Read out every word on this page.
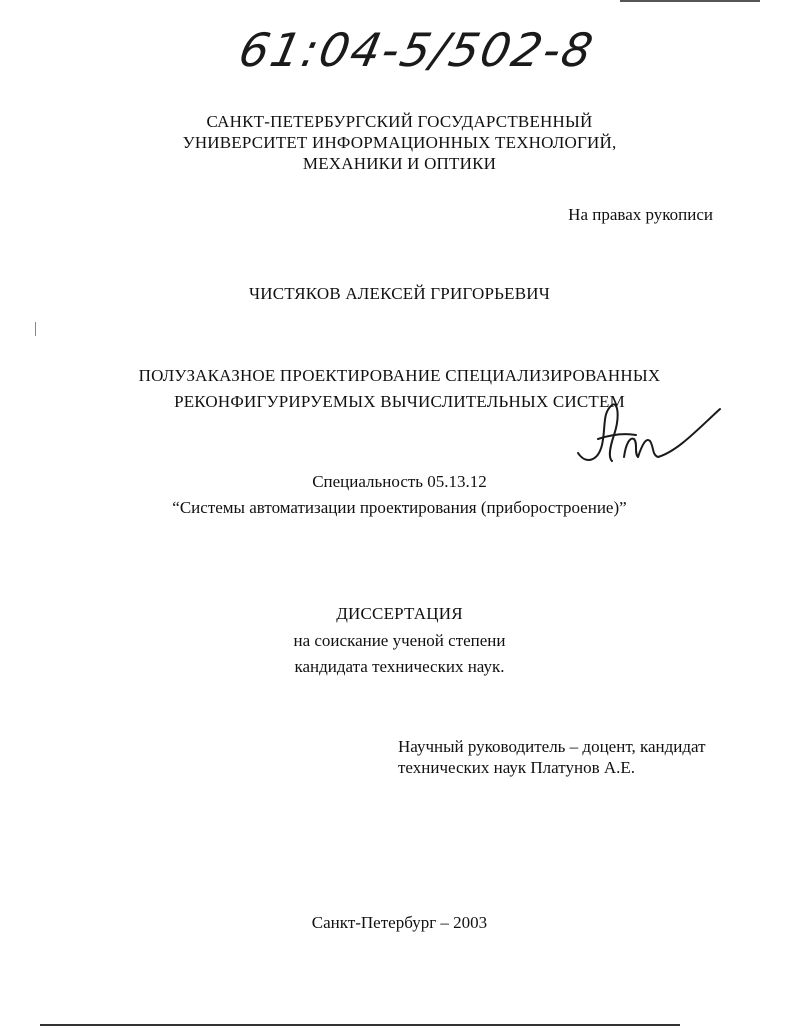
61:04-5/502-8
САНКТ-ПЕТЕРБУРГСКИЙ ГОСУДАРСТВЕННЫЙ
УНИВЕРСИТЕТ ИНФОРМАЦИОННЫХ ТЕХНОЛОГИЙ,
МЕХАНИКИ И ОПТИКИ
На правах рукописи
ЧИСТЯКОВ АЛЕКСЕЙ ГРИГОРЬЕВИЧ
ПОЛУЗАКАЗНОЕ ПРОЕКТИРОВАНИЕ СПЕЦИАЛИЗИРОВАННЫХ
РЕКОНФИГУРИРУЕМЫХ ВЫЧИСЛИТЕЛЬНЫХ СИСТЕМ
Специальность 05.13.12
“Системы автоматизации проектирования (приборостроение)”
ДИССЕРТАЦИЯ
на соискание ученой степени
кандидата технических наук.
Научный руководитель – доцент, кандидат
технических наук Платунов А.Е.
Санкт-Петербург – 2003
